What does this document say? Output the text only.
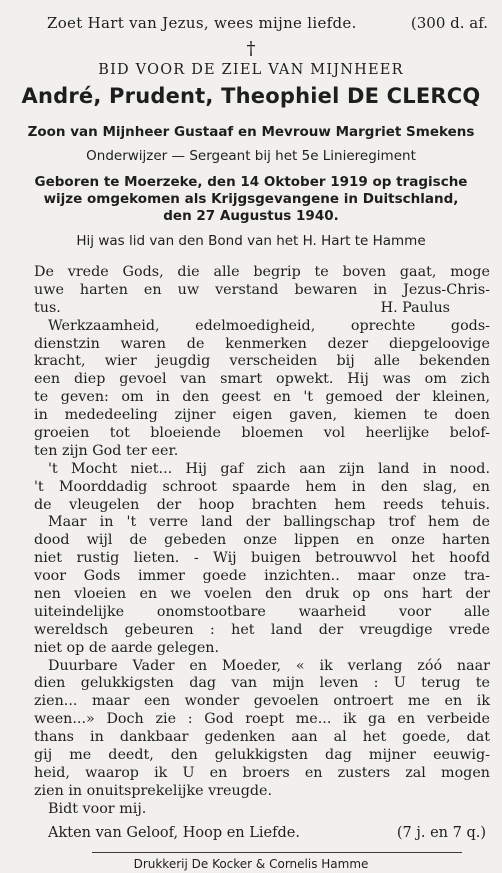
Zoet Hart van Jezus, wees mijne liefde.	(300 d. af.
†
BID VOOR DE ZIEL VAN MIJNHEER
André, Prudent, Theophiel DE CLERCQ
Zoon van Mijnheer Gustaaf en Mevrouw Margriet Smekens
Onderwijzer — Sergeant bij het 5e Linieregiment
Geboren te Moerzeke, den 14 Oktober 1919 op tragische
wijze omgekomen als Krijgsgevangene in Duitschland,
den 27 Augustus 1940.
Hij was lid van den Bond van het H. Hart te Hamme
De vrede Gods, die alle begrip te boven gaat, moge
uwe harten en uw verstand bewaren in Jezus-Chris-
tus.	H. Paulus
Werkzaamheid, edelmoedigheid, oprechte gods-
dienstzin waren de kenmerken dezer diepgeloovige
kracht, wier jeugdig verscheiden bij alle bekenden
een diep gevoel van smart opwekt. Hij was om zich
te geven: om in den geest en 't gemoed der kleinen,
in mededeeling zijner eigen gaven, kiemen te doen
groeien tot bloeiende bloemen vol heerlijke belof-
ten zijn God ter eer.
't Mocht niet... Hij gaf zich aan zijn land in nood.
't Moorddadig schroot spaarde hem in den slag, en
de vleugelen der hoop brachten hem reeds tehuis.
Maar in 't verre land der ballingschap trof hem de
dood wijl de gebeden onze lippen en onze harten
niet rustig lieten. - Wij buigen betrouwvol het hoofd
voor Gods immer goede inzichten.. maar onze tra-
nen vloeien en we voelen den druk op ons hart der
uiteindelijke onomstootbare waarheid voor alle
wereldsch gebeuren : het land der vreugdige vrede
niet op de aarde gelegen.
Duurbare Vader en Moeder, « ik verlang zóó naar
dien gelukkigsten dag van mijn leven : U terug te
zien... maar een wonder gevoelen ontroert me en ik
ween...» Doch zie : God roept me... ik ga en verbeide
thans in dankbaar gedenken aan al het goede, dat
gij me deedt, den gelukkigsten dag mijner eeuwig-
heid, waarop ik U en broers en zusters zal mogen
zien in onuitsprekelijke vreugde.
Bidt voor mij.
Akten van Geloof, Hoop en Liefde.	(7 j. en 7 q.)
Drukkerij De Kocker & Cornelis Hamme
